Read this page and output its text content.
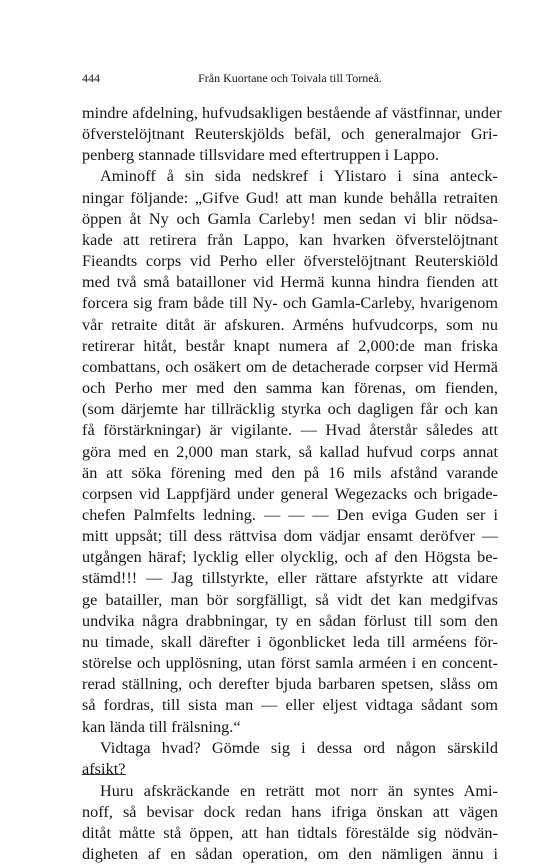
444	Från Kuortane och Toivala till Torneå.
mindre afdelning, hufvudsakligen bestående af västfinnar, under
öfverstelöjtnant Reuterskjölds befäl, och generalmajor Gri-
penberg stannade tillsvidare med eftertruppen i Lappo.
Aminoff å sin sida nedskref i Ylistaro i sina anteck-
ningar följande: „Gifve Gud! att man kunde behålla retraiten
öppen åt Ny och Gamla Carleby! men sedan vi blir nödsa-
kade att retirera från Lappo, kan hvarken öfverstelöjtnant
Fieandts corps vid Perho eller öfverstelöjtnant Reuterskiöld
med två små batailloner vid Hermä kunna hindra fienden att
forcera sig fram både till Ny- och Gamla-Carleby, hvarigenom
vår retraite ditåt är afskuren. Arméns hufvudcorps, som nu
retirerar hitåt, består knapt numera af 2,000:de man friska
combattans, och osäkert om de detacherade corpser vid Hermä
och Perho mer med den samma kan förenas, om fienden,
(som därjemte har tillräcklig styrka och dagligen får och kan
få förstärkningar) är vigilante. — Hvad återstår således att
göra med en 2,000 man stark, så kallad hufvud corps annat
än att söka förening med den på 16 mils afstånd varande
corpsen vid Lappfjärd under general Wegezacks och brigade-
chefen Palmfelts ledning. — — — Den eviga Guden ser i
mitt uppsåt; till dess rättvisa dom vädjar ensamt deröfver —
utgången häraf; lycklig eller olycklig, och af den Högsta be-
stämd!!! — Jag tillstyrkte, eller rättare afstyrkte att vidare
ge batailler, man bör sorgfälligt, så vidt det kan medgifvas
undvika några drabbningar, ty en sådan förlust till som den
nu timade, skall därefter i ögonblicket leda till arméens för-
störelse och upplösning, utan först samla arméen i en concent-
rerad ställning, och derefter bjuda barbaren spetsen, slåss om
så fordras, till sista man — eller eljest vidtaga sådant som
kan lända till frälsning.“
Vidtaga hvad? Gömde sig i dessa ord någon särskild
afsikt?
Huru afskräckande en reträtt mot norr än syntes Ami-
noff, så bevisar dock redan hans ifriga önskan att vägen
ditåt måtte stå öppen, att han tidtals förestälde sig nödvän-
digheten af en sådan operation, om den nämligen ännu i
